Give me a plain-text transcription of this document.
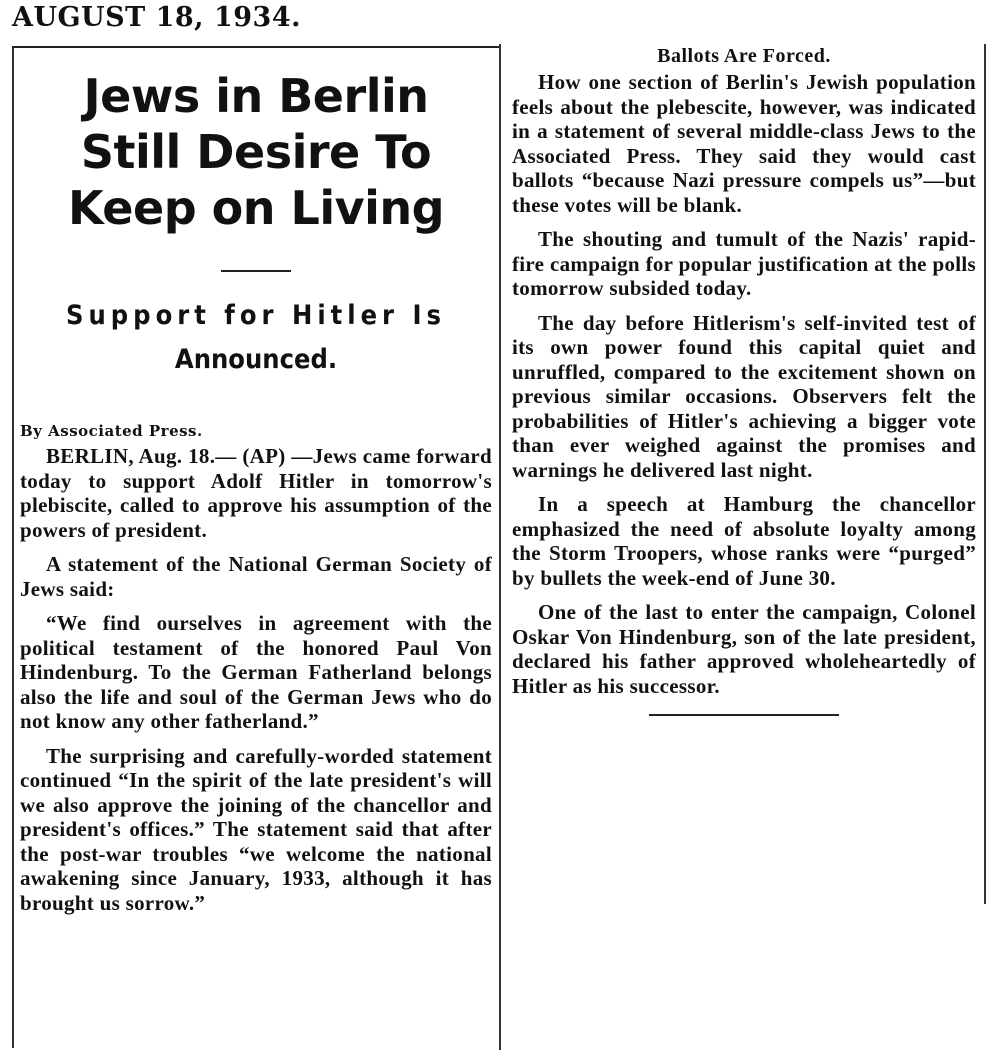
AUGUST 18, 1934.
Jews in Berlin
Still Desire To
Keep on Living
Support for Hitler Is
Announced.
By Associated Press.

BERLIN, Aug. 18.— (AP) —Jews came forward today to support Adolf Hitler in tomorrow's plebiscite, called to approve his assumption of the powers of president.

A statement of the National German Society of Jews said:

“We find ourselves in agreement with the political testament of the honored Paul Von Hindenburg. To the German Fatherland belongs also the life and soul of the German Jews who do not know any other fatherland.”

The surprising and carefully-worded statement continued “In the spirit of the late president's will we also approve the joining of the chancellor and president's offices.” The statement said that after the post-war troubles “we welcome the national awakening since January, 1933, although it has brought us sorrow.”

Ballots Are Forced.

How one section of Berlin's Jewish population feels about the plebescite, however, was indicated in a statement of several middle-class Jews to the Associated Press. They said they would cast ballots “because Nazi pressure compels us”—but these votes will be blank.

The shouting and tumult of the Nazis' rapid-fire campaign for popular justification at the polls tomorrow subsided today.

The day before Hitlerism's self-invited test of its own power found this capital quiet and unruffled, compared to the excitement shown on previous similar occasions. Observers felt the probabilities of Hitler's achieving a bigger vote than ever weighed against the promises and warnings he delivered last night.

In a speech at Hamburg the chancellor emphasized the need of absolute loyalty among the Storm Troopers, whose ranks were “purged” by bullets the week-end of June 30.

One of the last to enter the campaign, Colonel Oskar Von Hindenburg, son of the late president, declared his father approved wholeheartedly of Hitler as his successor.
